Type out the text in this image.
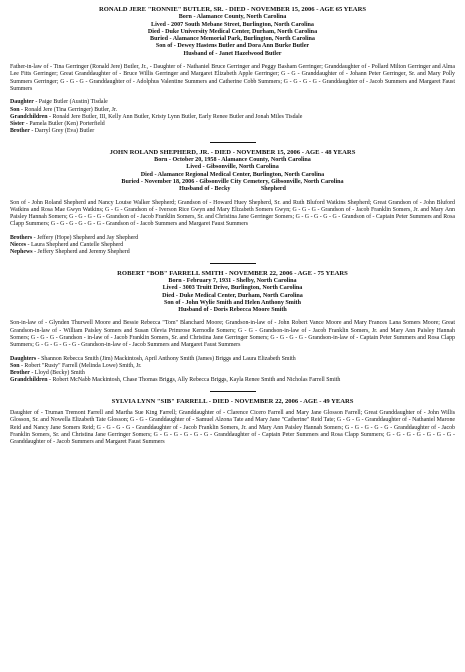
RONALD JERE "RONNIE" BUTLER, SR. - DIED - NOVEMBER 15, 2006 - AGE 65 YEARS

Born - Alamance County, North Carolina

Lived - 2007 South Mebane Street, Burlington, North Carolina

Died - Duke University Medical Center, Durham, North Carolina

Buried - Alamance Memorial Park, Burlington, North Carolina

Son of - Dewey Hastens Butler and Dora Ann Burke Butler

Husband of - Janet Hazelwood Butler

Father-in-law of - Tina Gerringer (Ronald Jere) Butler, Jr., - Daughter of - Nathaniel Bruce Gerringer and Peggy Basham Gerringer; Granddaughter of - Pollard Milton Gerringer and Alma Lee Fitts Gerringer; Great Granddaughter of - Bruce Willis Gerringer and Margaret Elizabeth Apple Gerringer; G - G - Granddaughter of - Johann Peter Gerringer, Sr. and Mary Polly Summers Gerringer; G - G - G - Granddaughter of - Adolphus Valentine Summers and Catherine Cobb Summers; G - G - G - G - Granddaughter of - Jacob Summers and Margaret Faust Summers

Daughter - Paige Butler (Austin) Tisdale

Son - Ronald Jere (Tina Gerringer) Butler, Jr.

Grandchildren - Ronald Jere Butler, III, Kelly Ann Butler, Kristy Lynn Butler, Early Renee Butler and Jonah Miles Tisdale

Sister - Pamela Butler (Ken) Porterfield

Brother - Darryl Grey (Eva) Butler

JOHN ROLAND SHEPHERD, JR. - DIED - NOVEMBER 15, 2006 - AGE - 48 YEARS

Born - October 20, 1958 - Alamance County, North Carolina

Lived - Gibsonville, North Carolina

Died - Alamance Regional Medical Center, Burlington, North Carolina

Buried - November 18, 2006 - Gibsonville City Cemetery, Gibsonville, North Carolina

Husband of - Becky                    Shepherd

Son of - John Roland Shepherd and Nancy Louise Walker Shepherd; Grandson of - Howard Huey Shepherd, Sr. and Ruth Bluford Watkins Shepherd; Great Grandson of - John Bluford Watkins and Rosa Mae Gwyn Watkins; G - G - Grandson of - Iverson Rice Gwyn and Mary Elizabeth Somers Gwyn; G - G - G - Grandson of - Jacob Franklin Somers, Jr. and Mary Ann Paisley Hannah Somers; G - G - G - G - Grandson of - Jacob Franklin Somers, Sr. and Christina Jane Gerringer Somers; G - G - G - G - G - Grandson of - Captain Peter Summers and Rosa Clapp Summers; G - G - G - G - G - G - Grandson of - Jacob Summers and Margaret Faust Summers

Brothers - Jeffery (Hope) Shepherd and Jay Shepherd

Nieces - Laura Shepherd and Cantelle Shepherd

Nephews - Jeffery Shepherd and Jeremy Shepherd

ROBERT "BOB" FARRELL SMITH - NOVEMBER 22, 2006 - AGE - 75 YEARS

Born - February 7, 1931 - Shelby, North Carolina

Lived - 3003 Truitt Drive, Burlington, North Carolina

Died - Duke Medical Center, Durham, North Carolina

Son of - John Wylie Smith and Helen Anthony Smith

Husband of - Doris Rebecca Moore Smith

Son-in-law of - Glynden Thurwell Moore and Bessie Rebecca "Tom" Blanchard Moore; Grandson-in-law of - John Robert Vance Moore and Mary Frances Lana Somers Moore; Great Grandson-in-law of - William Paisley Somers and Susan Olevia Primrose Kernodle Somers; G - G - Grandson-in-law of - Jacob Franklin Somers, Jr. and Mary Ann Paisley Hannah Somers; G - G - G - Grandson - in-law of - Jacob Franklin Somers, Sr. and Christina Jane Gerringer Somers; G - G - G - G - Grandson-in-law of - Captain Peter Summers and Rosa Clapp Summers; G - G - G - G - G - Grandson-in-law of - Jacob Summers and Margaret Faust Summers

Daughters - Shannon Rebecca Smith (Jim) Mackintosh, April Anthony Smith (James) Briggs and Laura Elizabeth Smith

Son - Robert "Rusty" Farrell (Melinda Lowe) Smith, Jr.

Brother - Lloyd (Becky) Smith

Grandchildren - Robert McNabb Mackintosh, Chase Thomas Briggs, Ally Rebecca Briggs, Kayla Renee Smith and Nicholas Farrell Smith

SYLVIA LYNN "SIB" FARRELL - DIED - NOVEMBER 22, 2006 - AGE - 49 YEARS

Daughter of - Truman Tremont Farrell and Martha Sue King Farrell; Granddaughter of - Clarence Cicero Farrell and Mary Jane Glosson Farrell; Great Granddaughter of - John Willis Glosson, Sr. and Nowella Elizabeth Tate Glosson; G - G - Granddaughter of - Samuel Alzona Tate and Mary Jane "Catherine" Reid Tate; G - G - G - Granddaughter of - Nathaniel Marone Reid and Nancy Jane Somers Reid; G - G - G - G - Granddaughter of - Jacob Franklin Somers, Jr. and Mary Ann Paisley Hannah Somers; G - G - G - G - G - Granddaughter of - Jacob Franklin Somers, Sr. and Christina Jane Gerringer Somers; G - G - G - G - G - G - Granddaughter of - Captain Peter Summers and Rosa Clapp Summers; G - G - G - G - G - G - G - Granddaughter of - Jacob Summers and Margaret Faust Summers
